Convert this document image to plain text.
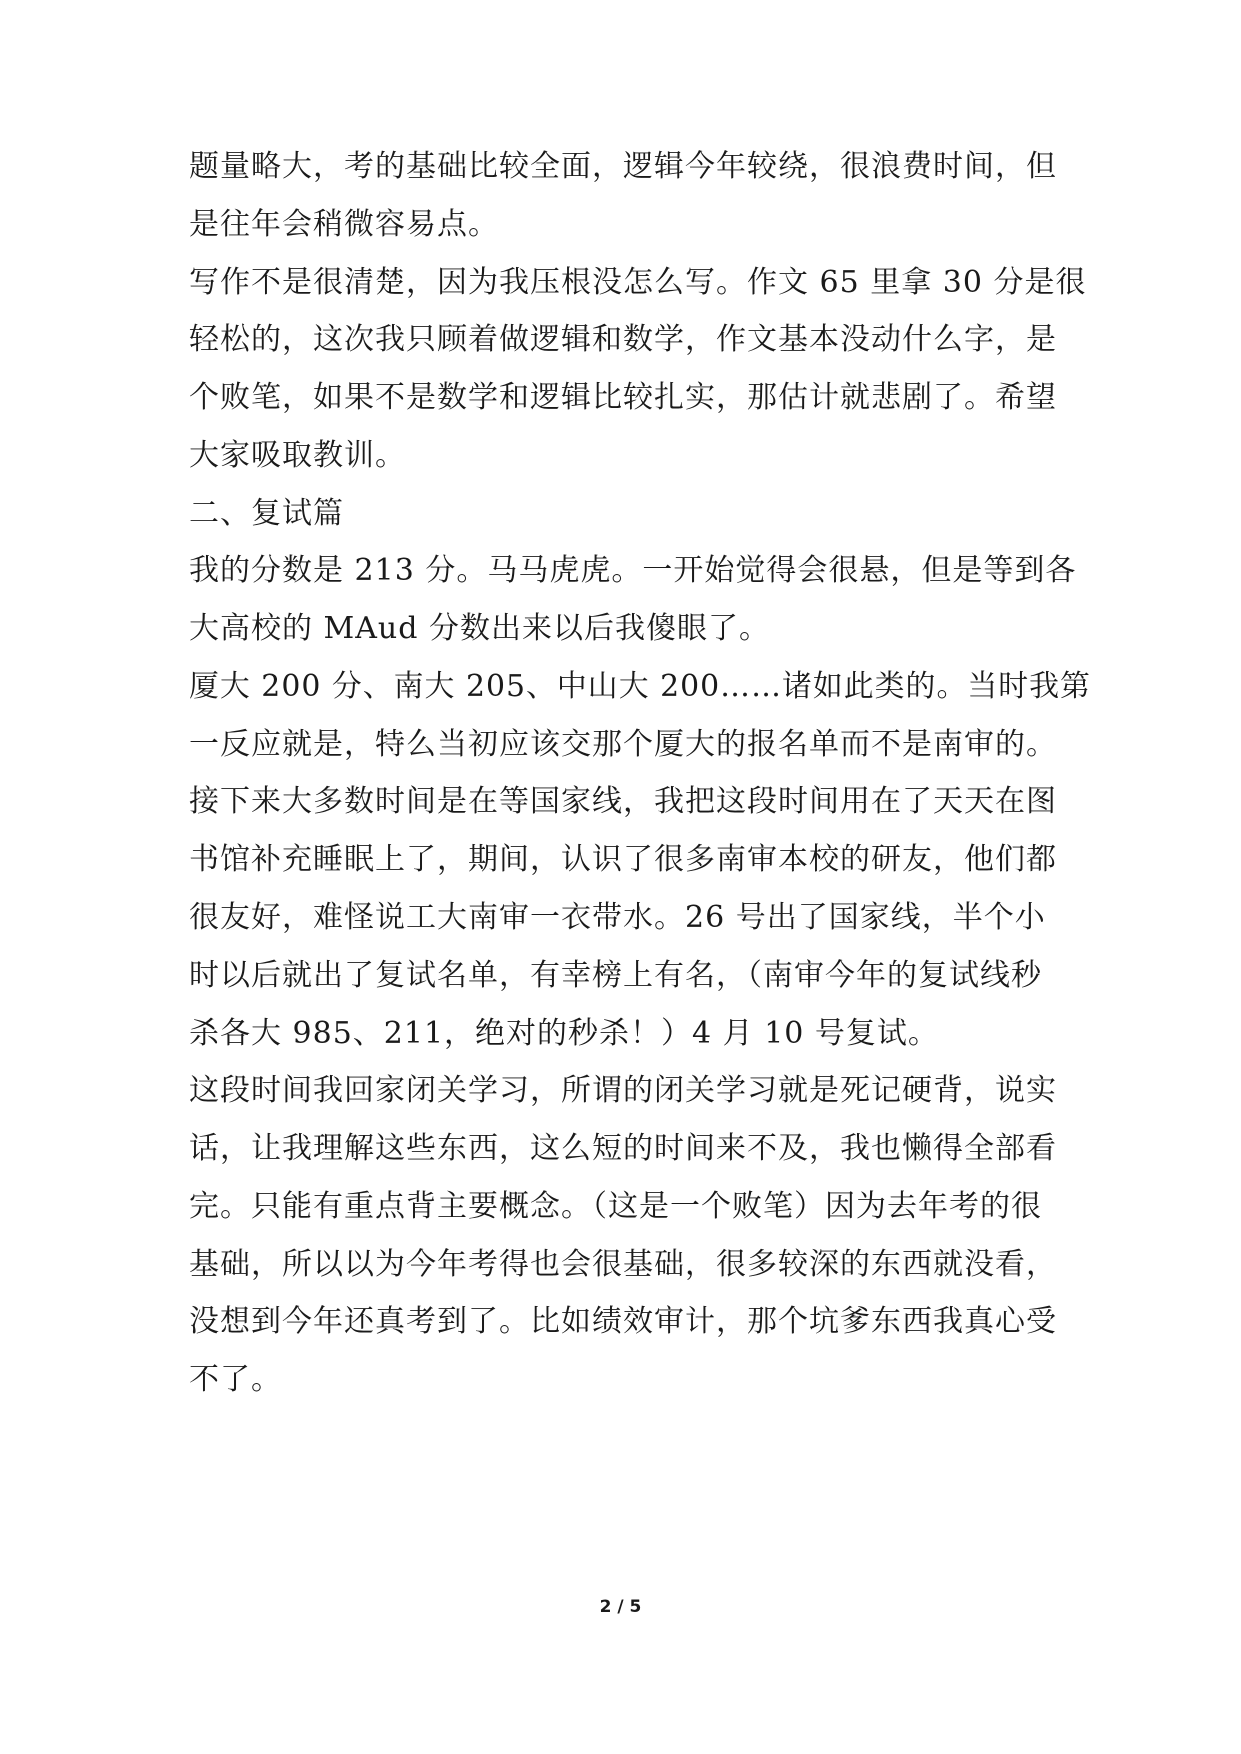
题量略大，考的基础比较全面，逻辑今年较绕，很浪费时间，但
是往年会稍微容易点。
写作不是很清楚，因为我压根没怎么写。作文 65 里拿 30 分是很
轻松的，这次我只顾着做逻辑和数学，作文基本没动什么字，是
个败笔，如果不是数学和逻辑比较扎实，那估计就悲剧了。希望
大家吸取教训。
二、复试篇
我的分数是 213 分。马马虎虎。一开始觉得会很悬，但是等到各
大高校的 MAud 分数出来以后我傻眼了。
厦大 200 分、南大 205、中山大 200……诸如此类的。当时我第
一反应就是，特么当初应该交那个厦大的报名单而不是南审的。
接下来大多数时间是在等国家线，我把这段时间用在了天天在图
书馆补充睡眠上了，期间，认识了很多南审本校的研友，他们都
很友好，难怪说工大南审一衣带水。26 号出了国家线，半个小
时以后就出了复试名单，有幸榜上有名，（南审今年的复试线秒
杀各大 985、211，绝对的秒杀！）4 月 10 号复试。
这段时间我回家闭关学习，所谓的闭关学习就是死记硬背，说实
话，让我理解这些东西，这么短的时间来不及，我也懒得全部看
完。只能有重点背主要概念。（这是一个败笔）因为去年考的很
基础，所以以为今年考得也会很基础，很多较深的东西就没看，
没想到今年还真考到了。比如绩效审计，那个坑爹东西我真心受
不了。
2 / 5
